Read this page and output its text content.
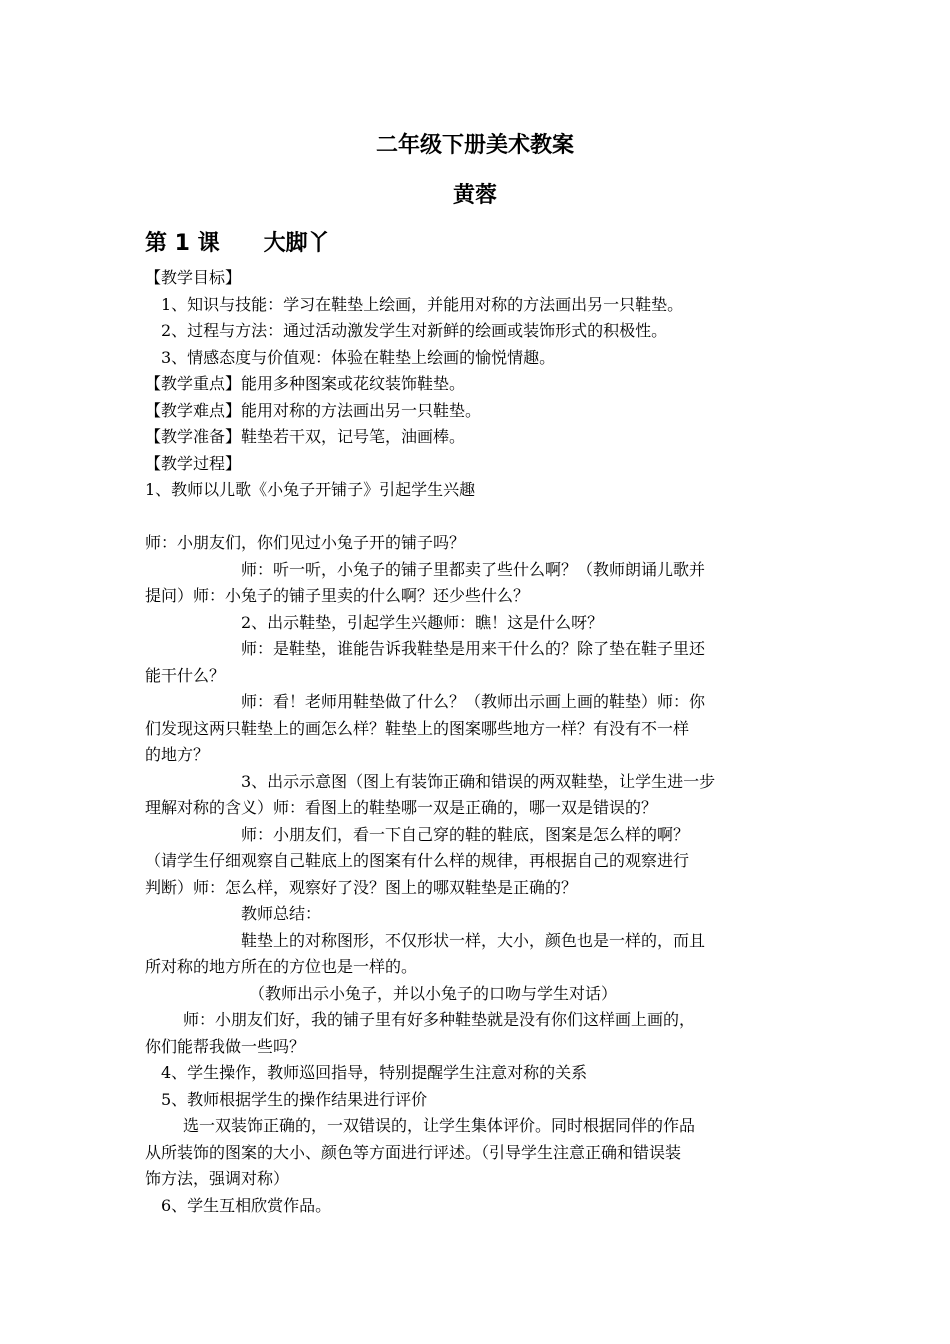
二年级下册美术教案
黄蓉
第 1 课　　大脚丫
【教学目标】
1、知识与技能：学习在鞋垫上绘画，并能用对称的方法画出另一只鞋垫。
2、过程与方法：通过活动激发学生对新鲜的绘画或装饰形式的积极性。
3、情感态度与价值观：体验在鞋垫上绘画的愉悦情趣。
【教学重点】能用多种图案或花纹装饰鞋垫。
【教学难点】能用对称的方法画出另一只鞋垫。
【教学准备】鞋垫若干双，记号笔，油画棒。
【教学过程】
1、教师以儿歌《小兔子开铺子》引起学生兴趣
师：小朋友们，你们见过小兔子开的铺子吗？
师：听一听，小兔子的铺子里都卖了些什么啊？（教师朗诵儿歌并
提问）师：小兔子的铺子里卖的什么啊？还少些什么？
2、出示鞋垫，引起学生兴趣师：瞧！这是什么呀？
师：是鞋垫，谁能告诉我鞋垫是用来干什么的？除了垫在鞋子里还
能干什么？
师：看！老师用鞋垫做了什么？（教师出示画上画的鞋垫）师：你
们发现这两只鞋垫上的画怎么样？鞋垫上的图案哪些地方一样？有没有不一样
的地方？
3、出示示意图（图上有装饰正确和错误的两双鞋垫，让学生进一步
理解对称的含义）师：看图上的鞋垫哪一双是正确的，哪一双是错误的？
师：小朋友们，看一下自己穿的鞋的鞋底，图案是怎么样的啊？
（请学生仔细观察自己鞋底上的图案有什么样的规律，再根据自己的观察进行
判断）师：怎么样，观察好了没？图上的哪双鞋垫是正确的？
教师总结：
鞋垫上的对称图形，不仅形状一样，大小，颜色也是一样的，而且
所对称的地方所在的方位也是一样的。
（教师出示小兔子，并以小兔子的口吻与学生对话）
师：小朋友们好，我的铺子里有好多种鞋垫就是没有你们这样画上画的，
你们能帮我做一些吗？
4、学生操作，教师巡回指导，特别提醒学生注意对称的关系
5、教师根据学生的操作结果进行评价
选一双装饰正确的，一双错误的，让学生集体评价。同时根据同伴的作品
从所装饰的图案的大小、颜色等方面进行评述。（引导学生注意正确和错误装
饰方法，强调对称）
6、学生互相欣赏作品。
